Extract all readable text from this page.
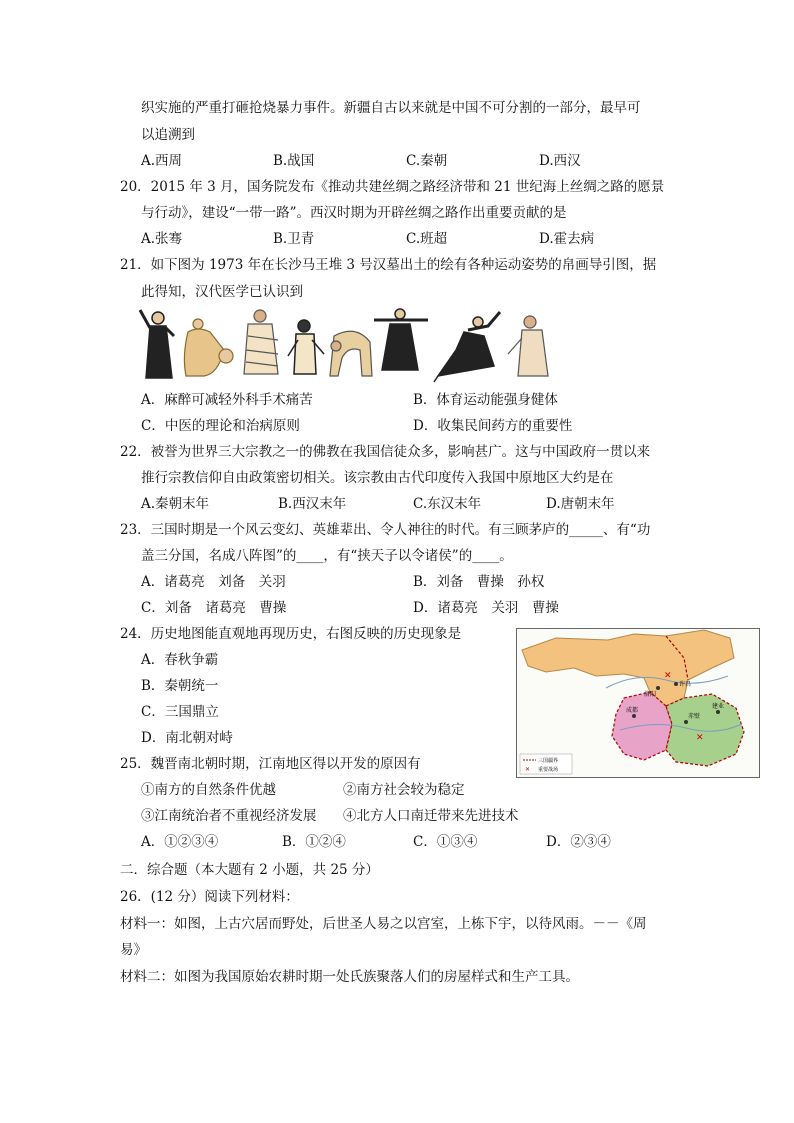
织实施的严重打砸抢烧暴力事件。新疆自古以来就是中国不可分割的一部分，最早可
以追溯到
A.西周	B.战国	C.秦朝	D.西汉
20．2015 年 3 月，国务院发布《推动共建丝绸之路经济带和 21 世纪海上丝绸之路的愿景
与行动》，建设“一带一路”。西汉时期为开辟丝绸之路作出重要贡献的是
A.张骞	B.卫青	C.班超	D.霍去病
21．如下图为 1973 年在长沙马王堆 3 号汉墓出土的绘有各种运动姿势的帛画导引图，据
此得知，汉代医学已认识到
A．麻醉可减轻外科手术痛苦	B．体育运动能强身健体
C．中医的理论和治病原则	D．收集民间药方的重要性
22．被誉为世界三大宗教之一的佛教在我国信徒众多，影响甚广。这与中国政府一贯以来
推行宗教信仰自由政策密切相关。该宗教由古代印度传入我国中原地区大约是在
A.秦朝末年	B.西汉末年	C.东汉末年	D.唐朝末年
23．三国时期是一个风云变幻、英雄辈出、令人神往的时代。有三顾茅庐的_____、有“功
盖三分国，名成八阵图”的____，有“挟天子以令诸侯”的____。
A．诸葛亮　刘备　关羽	B．刘备　曹操　孙权
C．刘备　诸葛亮　曹操	D．诸葛亮　关羽　曹操
24．历史地图能直观地再现历史，右图反映的历史现象是
A．春秋争霸
B．秦朝统一
C．三国鼎立
D．南北朝对峙
洛阳
许昌
成都
赤壁
建业
✕
✕
三国疆界
✕ 重要战场
25．魏晋南北朝时期，江南地区得以开发的原因有
①南方的自然条件优越	②南方社会较为稳定
③江南统治者不重视经济发展 ④北方人口南迁带来先进技术
A．①②③④	B．①②④	C．①③④	D．②③④
二．综合题（本大题有 2 小题，共 25 分）
26．(12 分）阅读下列材料：
材料一：如图，上古穴居而野处，后世圣人易之以宫室，上栋下宇，以待风雨。－－《周
易》
材料二：如图为我国原始农耕时期一处氏族聚落人们的房屋样式和生产工具。
